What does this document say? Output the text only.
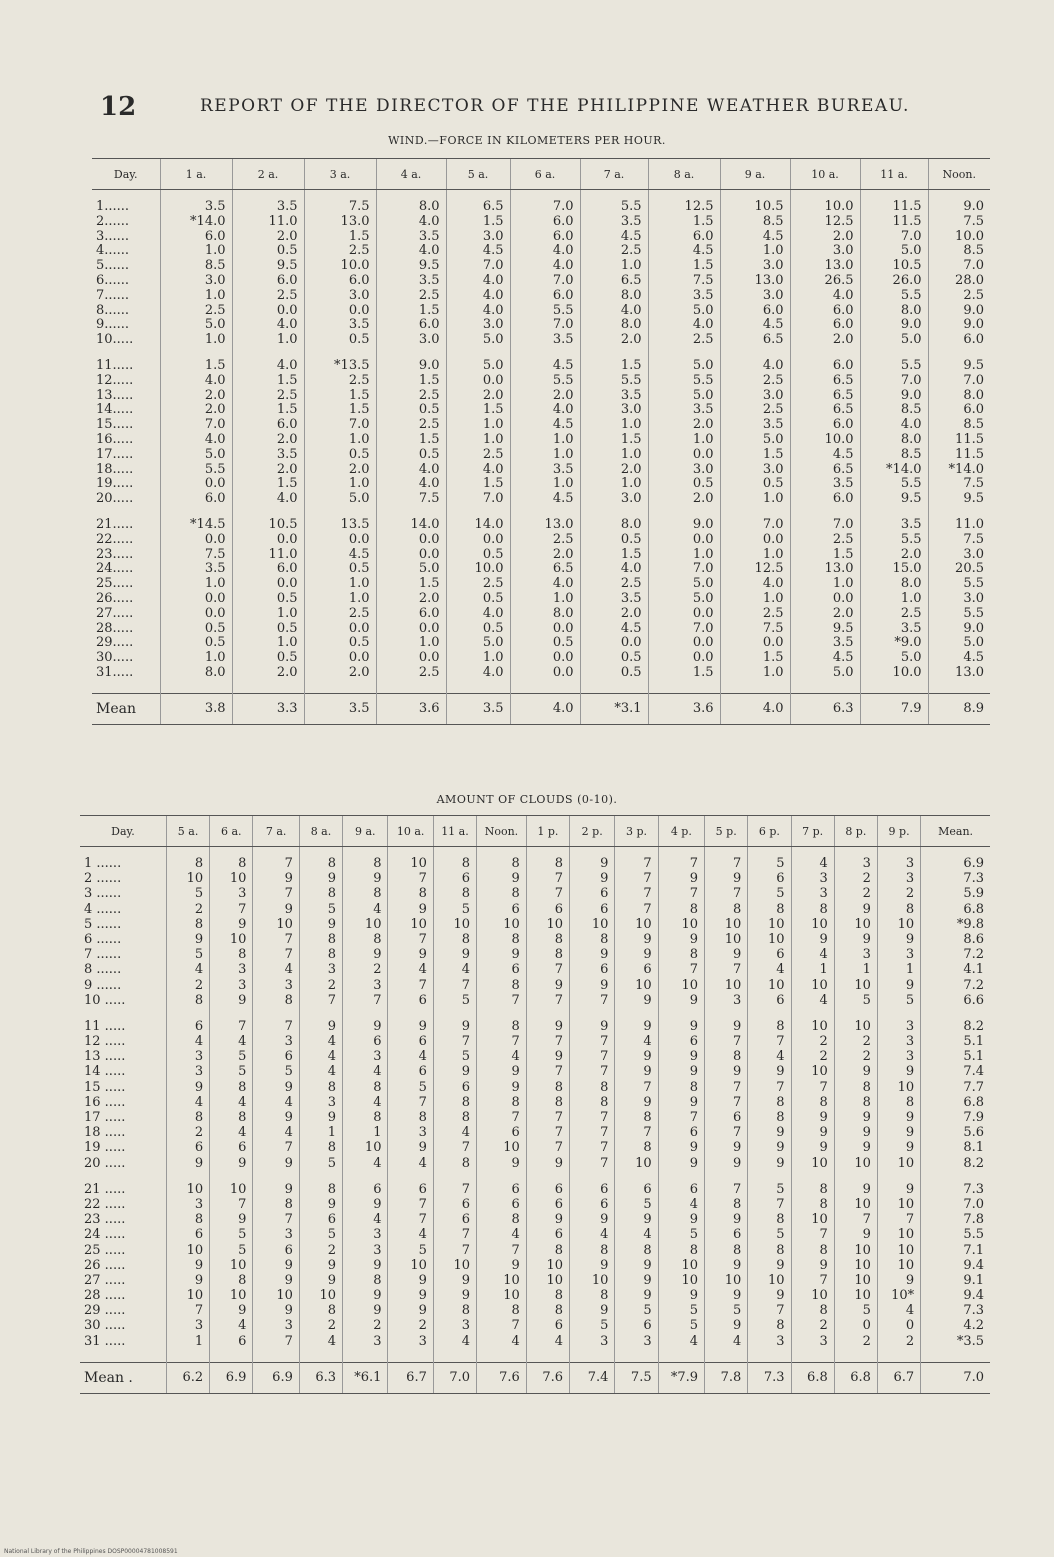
12	REPORT OF THE DIRECTOR OF THE PHILIPPINE WEATHER BUREAU.
WIND.—FORCE IN KILOMETERS PER HOUR.
Day.	1 a.	2 a.	3 a.	4 a.	5 a.	6 a.	7 a.	8 a.	9 a.	10 a.	11 a.	Noon.

1......	3.5	3.5	7.5	8.0	6.5	7.0	5.5	12.5	10.5	10.0	11.5	9.0
2......	*14.0	11.0	13.0	4.0	1.5	6.0	3.5	1.5	8.5	12.5	11.5	7.5
3......	6.0	2.0	1.5	3.5	3.0	6.0	4.5	6.0	4.5	2.0	7.0	10.0
4......	1.0	0.5	2.5	4.0	4.5	4.0	2.5	4.5	1.0	3.0	5.0	8.5
5......	8.5	9.5	10.0	9.5	7.0	4.0	1.0	1.5	3.0	13.0	10.5	7.0
6......	3.0	6.0	6.0	3.5	4.0	7.0	6.5	7.5	13.0	26.5	26.0	28.0
7......	1.0	2.5	3.0	2.5	4.0	6.0	8.0	3.5	3.0	4.0	5.5	2.5
8......	2.5	0.0	0.0	1.5	4.0	5.5	4.0	5.0	6.0	6.0	8.0	9.0
9......	5.0	4.0	3.5	6.0	3.0	7.0	8.0	4.0	4.5	6.0	9.0	9.0
10.....	1.0	1.0	0.5	3.0	5.0	3.5	2.0	2.5	6.5	2.0	5.0	6.0

11.....	1.5	4.0	*13.5	9.0	5.0	4.5	1.5	5.0	4.0	6.0	5.5	9.5
12.....	4.0	1.5	2.5	1.5	0.0	5.5	5.5	5.5	2.5	6.5	7.0	7.0
13.....	2.0	2.5	1.5	2.5	2.0	2.0	3.5	5.0	3.0	6.5	9.0	8.0
14.....	2.0	1.5	1.5	0.5	1.5	4.0	3.0	3.5	2.5	6.5	8.5	6.0
15.....	7.0	6.0	7.0	2.5	1.0	4.5	1.0	2.0	3.5	6.0	4.0	8.5
16.....	4.0	2.0	1.0	1.5	1.0	1.0	1.5	1.0	5.0	10.0	8.0	11.5
17.....	5.0	3.5	0.5	0.5	2.5	1.0	1.0	0.0	1.5	4.5	8.5	11.5
18.....	5.5	2.0	2.0	4.0	4.0	3.5	2.0	3.0	3.0	6.5	*14.0	*14.0
19.....	0.0	1.5	1.0	4.0	1.5	1.0	1.0	0.5	0.5	3.5	5.5	7.5
20.....	6.0	4.0	5.0	7.5	7.0	4.5	3.0	2.0	1.0	6.0	9.5	9.5

21.....	*14.5	10.5	13.5	14.0	14.0	13.0	8.0	9.0	7.0	7.0	3.5	11.0
22.....	0.0	0.0	0.0	0.0	0.0	2.5	0.5	0.0	0.0	2.5	5.5	7.5
23.....	7.5	11.0	4.5	0.0	0.5	2.0	1.5	1.0	1.0	1.5	2.0	3.0
24.....	3.5	6.0	0.5	5.0	10.0	6.5	4.0	7.0	12.5	13.0	15.0	20.5
25.....	1.0	0.0	1.0	1.5	2.5	4.0	2.5	5.0	4.0	1.0	8.0	5.5
26.....	0.0	0.5	1.0	2.0	0.5	1.0	3.5	5.0	1.0	0.0	1.0	3.0
27.....	0.0	1.0	2.5	6.0	4.0	8.0	2.0	0.0	2.5	2.0	2.5	5.5
28.....	0.5	0.5	0.0	0.0	0.5	0.0	4.5	7.0	7.5	9.5	3.5	9.0
29.....	0.5	1.0	0.5	1.0	5.0	0.5	0.0	0.0	0.0	3.5	*9.0	5.0
30.....	1.0	0.5	0.0	0.0	1.0	0.0	0.5	0.0	1.5	4.5	5.0	4.5
31.....	8.0	2.0	2.0	2.5	4.0	0.0	0.5	1.5	1.0	5.0	10.0	13.0

Mean	3.8	3.3	3.5	3.6	3.5	4.0	*3.1	3.6	4.0	6.3	7.9	8.9
AMOUNT OF CLOUDS (0-10).
Day.	5 a.	6 a.	7 a.	8 a.	9 a.	10 a.	11 a.	Noon.	1 p.	2 p.	3 p.	4 p.	5 p.	6 p.	7 p.	8 p.	9 p.	Mean.

1 ......	8	8	7	8	8	10	8	8	8	9	7	7	7	5	4	3	3	6.9
2 ......	10	10	9	9	9	7	6	9	7	9	7	9	9	6	3	2	3	7.3
3 ......	5	3	7	8	8	8	8	8	7	6	7	7	7	5	3	2	2	5.9
4 ......	2	7	9	5	4	9	5	6	6	6	7	8	8	8	8	9	8	6.8
5 ......	8	9	10	9	10	10	10	10	10	10	10	10	10	10	10	10	10	*9.8
6 ......	9	10	7	8	8	7	8	8	8	8	9	9	10	10	9	9	9	8.6
7 ......	5	8	7	8	9	9	9	9	8	9	9	8	9	6	4	3	3	7.2
8 ......	4	3	4	3	2	4	4	6	7	6	6	7	7	4	1	1	1	4.1
9 ......	2	3	3	2	3	7	7	8	9	9	10	10	10	10	10	10	9	7.2
10 .....	8	9	8	7	7	6	5	7	7	7	9	9	3	6	4	5	5	6.6

11 .....	6	7	7	9	9	9	9	8	9	9	9	9	9	8	10	10	3	8.2
12 .....	4	4	3	4	6	6	7	7	7	7	4	6	7	7	2	2	3	5.1
13 .....	3	5	6	4	3	4	5	4	9	7	9	9	8	4	2	2	3	5.1
14 .....	3	5	5	4	4	6	9	9	7	7	9	9	9	9	10	9	9	7.4
15 .....	9	8	9	8	8	5	6	9	8	8	7	8	7	7	7	8	10	7.7
16 .....	4	4	4	3	4	7	8	8	8	8	9	9	7	8	8	8	8	6.8
17 .....	8	8	9	9	8	8	8	7	7	7	8	7	6	8	9	9	9	7.9
18 .....	2	4	4	1	1	3	4	6	7	7	7	6	7	9	9	9	9	5.6
19 .....	6	6	7	8	10	9	7	10	7	7	8	9	9	9	9	9	9	8.1
20 .....	9	9	9	5	4	4	8	9	9	7	10	9	9	9	10	10	10	8.2

21 .....	10	10	9	8	6	6	7	6	6	6	6	6	7	5	8	9	9	7.3
22 .....	3	7	8	9	9	7	6	6	6	6	5	4	8	7	8	10	10	7.0
23 .....	8	9	7	6	4	7	6	8	9	9	9	9	9	8	10	7	7	7.8
24 .....	6	5	3	5	3	4	7	4	6	4	4	5	6	5	7	9	10	5.5
25 .....	10	5	6	2	3	5	7	7	8	8	8	8	8	8	8	10	10	7.1
26 .....	9	10	9	9	9	10	10	9	10	9	9	10	9	9	9	10	10	9.4
27 .....	9	8	9	9	8	9	9	10	10	10	9	10	10	10	7	10	9	9.1
28 .....	10	10	10	10	9	9	9	10	8	8	9	9	9	9	10	10	10*	9.4
29 .....	7	9	9	8	9	9	8	8	8	9	5	5	5	7	8	5	4	7.3
30 .....	3	4	3	2	2	2	3	7	6	5	6	5	9	8	2	0	0	4.2
31 .....	1	6	7	4	3	3	4	4	4	3	3	4	4	3	3	2	2	*3.5

Mean .	6.2	6.9	6.9	6.3	*6.1	6.7	7.0	7.6	7.6	7.4	7.5	*7.9	7.8	7.3	6.8	6.8	6.7	7.0
National Library of the Philippines DOSP00004781008591
